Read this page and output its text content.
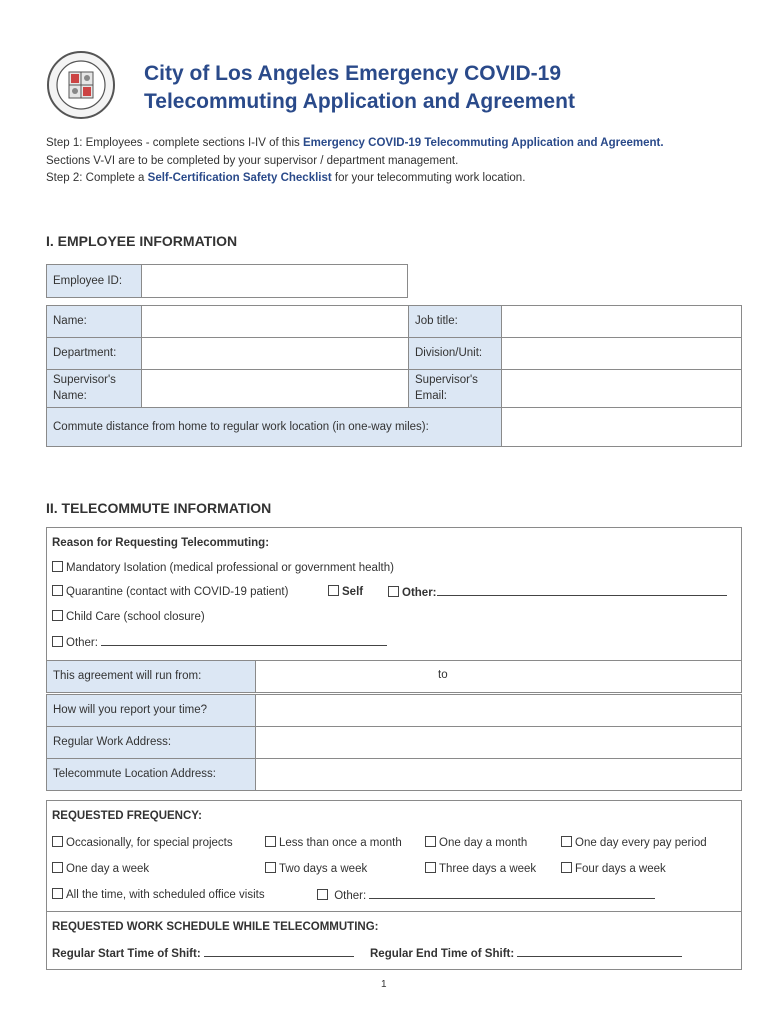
City of Los Angeles Emergency COVID-19
Telecommuting Application and Agreement
Step 1: Employees - complete sections I-IV of this Emergency COVID-19 Telecommuting Application and Agreement.
Sections V-VI are to be completed by your supervisor / department management.
Step 2: Complete a Self-Certification Safety Checklist for your telecommuting work location.
I. EMPLOYEE INFORMATION
Employee ID:
Name:	Job title:
Department:	Division/Unit:
Supervisor's
Name:
Supervisor's
Email:
Commute distance from home to regular work location (in one-way miles):
II. TELECOMMUTE INFORMATION
Reason for Requesting Telecommuting:
Mandatory Isolation (medical professional or government health)
Quarantine (contact with COVID-19 patient)	Self	Other:
Child Care (school closure)
Other:
This agreement will run from:	to
How will you report your time?
Regular Work Address:
Telecommute Location Address:
REQUESTED FREQUENCY:
Occasionally, for special projects	Less than once a month	One day a month	One day every pay period
One day a week	Two days a week	Three days a week	Four days a week
All the time, with scheduled office visits	Other:
REQUESTED WORK SCHEDULE WHILE TELECOMMUTING:
Regular Start Time of Shift:	Regular End Time of Shift:
1
